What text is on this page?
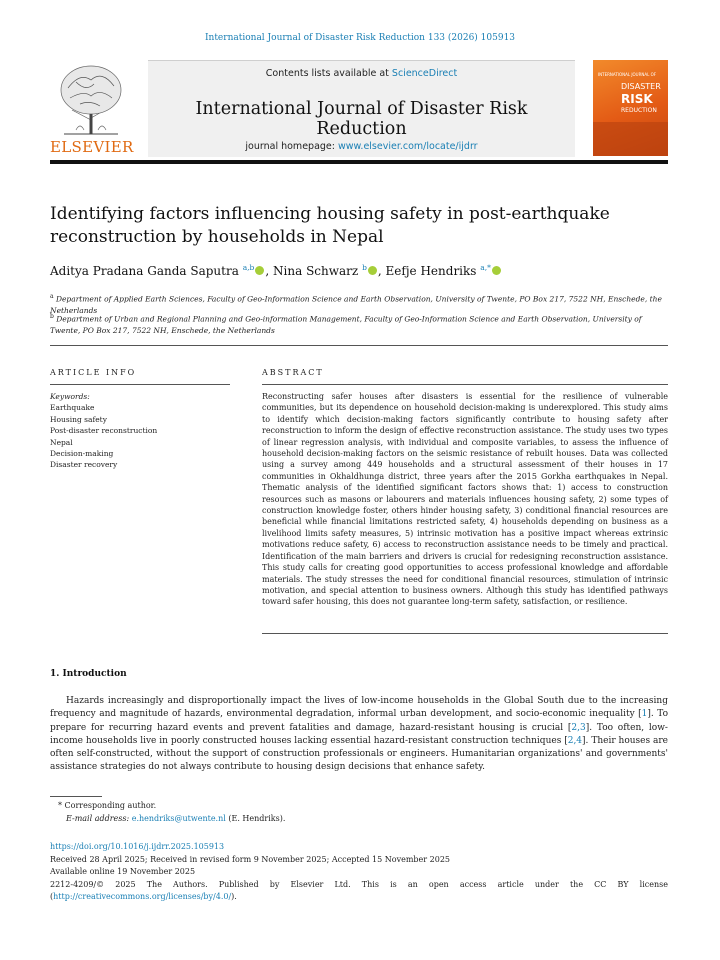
International Journal of Disaster Risk Reduction 133 (2026) 105913
ELSEVIER
Contents lists available at ScienceDirect
International Journal of Disaster Risk Reduction
journal homepage: www.elsevier.com/locate/ijdrr
INTERNATIONAL JOURNAL OF
DISASTER
RISK
REDUCTION
Identifying factors influencing housing safety in post-earthquake reconstruction by households in Nepal
Aditya Pradana Ganda Saputra $^{a,b}$ , Nina Schwarz $^b$ , Eefje Hendriks $^{a,*}$
$^a$ Department of Applied Earth Sciences, Faculty of Geo-Information Science and Earth Observation, University of Twente, PO Box 217, 7522 NH, Enschede, the Netherlands
$^b$ Department of Urban and Regional Planning and Geo-information Management, Faculty of Geo-Information Science and Earth Observation, University of Twente, PO Box 217, 7522 NH, Enschede, the Netherlands
ARTICLE INFO	ABSTRACT
Keywords:
Earthquake
Housing safety
Post-disaster reconstruction
Nepal
Decision-making
Disaster recovery
Reconstructing safer houses after disasters is essential for the resilience of vulnerable communities, but its dependence on household decision-making is underexplored. This study aims to identify which decision-making factors significantly contribute to housing safety after reconstruction to inform the design of effective reconstruction assistance. The study uses two types of linear regression analysis, with individual and composite variables, to assess the influence of household decision-making factors on the seismic resistance of rebuilt houses. Data was collected using a survey among 449 households and a structural assessment of their houses in 17 communities in Okhaldhunga district, three years after the 2015 Gorkha earthquakes in Nepal. Thematic analysis of the identified significant factors shows that: 1) access to construction resources such as masons or labourers and materials influences housing safety, 2) some types of construction knowledge foster, others hinder housing safety, 3) conditional financial resources are beneficial while financial limitations restricted safety, 4) households depending on business as a livelihood limits safety measures, 5) intrinsic motivation has a positive impact whereas extrinsic motivations reduce safety, 6) access to reconstruction assistance needs to be timely and practical. Identification of the main barriers and drivers is crucial for redesigning reconstruction assistance. This study calls for creating good opportunities to access professional knowledge and affordable materials. The study stresses the need for conditional financial resources, stimulation of intrinsic motivation, and special attention to business owners. Although this study has identified pathways toward safer housing, this does not guarantee long-term safety, satisfaction, or resilience.
1. Introduction
Hazards increasingly and disproportionally impact the lives of low-income households in the Global South due to the increasing frequency and magnitude of hazards, environmental degradation, informal urban development, and socio-economic inequality [1]. To prepare for recurring hazard events and prevent fatalities and damage, hazard-resistant housing is crucial [2,3]. Too often, low-income households live in poorly constructed houses lacking essential hazard-resistant construction techniques [2,4]. Their houses are often self-constructed, without the support of construction professionals or engineers. Humanitarian organizations' and governments' assistance strategies do not always contribute to housing design decisions that enhance safety.
* Corresponding author.
E-mail address: e.hendriks@utwente.nl (E. Hendriks).
https://doi.org/10.1016/j.ijdrr.2025.105913
Received 28 April 2025; Received in revised form 9 November 2025; Accepted 15 November 2025
Available online 19 November 2025
2212-4209/© 2025 The Authors. Published by Elsevier Ltd. This is an open access article under the CC BY license (http://creativecommons.org/licenses/by/4.0/).
